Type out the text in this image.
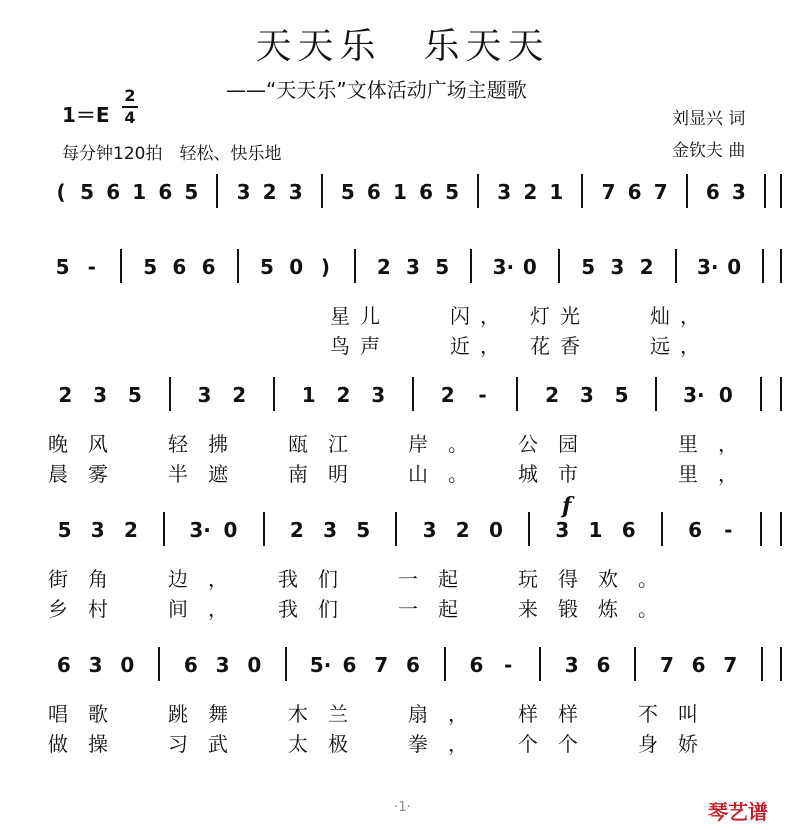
天天乐　乐天天
——“天天乐”文体活动广场主题歌
1＝E
2
4	刘显兴 词
金钦夫 曲
每分钟120拍　轻松、快乐地
( 5 6 1 6 5 3 2 3 5 6 1 6 5 3 2 1 7 6 7 6 3
5 - 5 6 6 5 0 ) 2 3 5 3· 0 5 3 2 3· 0
星儿　　闪，　灯光　　灿，
鸟声　　近，　花香　　远，
2 3 5	3 2	1 2 3	2 -	2 3 5	3· 0
晚风　轻拂　瓯江　岸。　公园　　里，
晨雾　半遮　南明　山。　城市　　里，
5 3 2	3· 0	2 3 5	3 2 0	3 1 6	6 -
街角　边，　我们　一起　玩得欢。
乡村　间，　我们　一起　来锻炼。
6 3 0 6 3 0 5· 6 7 6 6 -	3 6 7 6 7
唱歌　跳舞　木兰　扇，　样样　不叫
做操　习武　太极　拳，　个个　身娇
f
·1·	琴艺谱
